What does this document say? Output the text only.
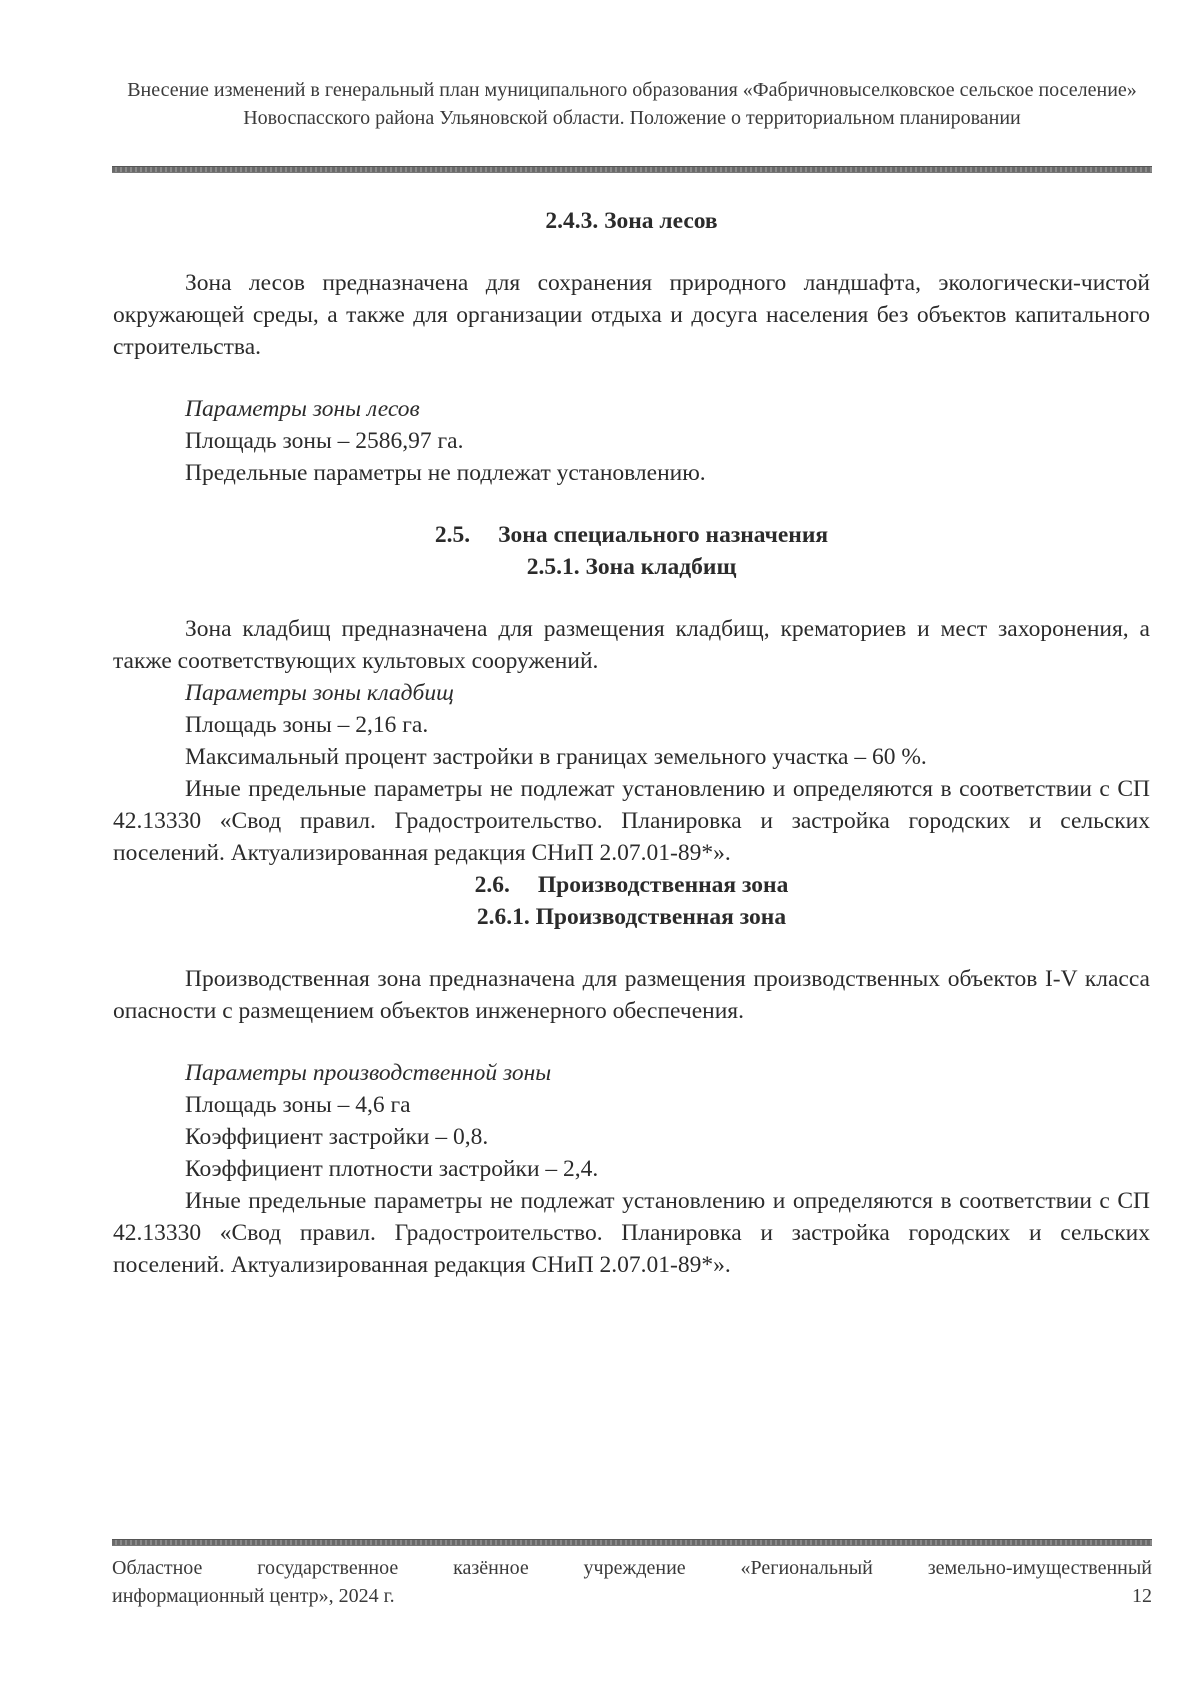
Внесение изменений в генеральный план муниципального образования «Фабричновыселковское сельское поселение» Новоспасского района Ульяновской области. Положение о территориальном планировании

2.4.3. Зона лесов

Зона лесов предназначена для сохранения природного ландшафта, экологически-чистой окружающей среды, а также для организации отдыха и досуга населения без объектов капитального строительства.

Параметры зоны лесов

Площадь зоны – 2586,97 га.

Предельные параметры не подлежат установлению.

2.5. Зона специального назначения

2.5.1. Зона кладбищ

Зона кладбищ предназначена для размещения кладбищ, крематориев и мест захоронения, а также соответствующих культовых сооружений.

Параметры зоны кладбищ

Площадь зоны – 2,16 га.

Максимальный процент застройки в границах земельного участка – 60 %.

Иные предельные параметры не подлежат установлению и определяются в соответствии с СП 42.13330 «Свод правил. Градостроительство. Планировка и застройка городских и сельских поселений. Актуализированная редакция СНиП 2.07.01-89*».

2.6. Производственная зона

2.6.1. Производственная зона

Производственная зона предназначена для размещения производственных объектов I-V класса опасности с размещением объектов инженерного обеспечения.

Параметры производственной зоны

Площадь зоны – 4,6 га

Коэффициент застройки – 0,8.

Коэффициент плотности застройки – 2,4.

Иные предельные параметры не подлежат установлению и определяются в соответствии с СП 42.13330 «Свод правил. Градостроительство. Планировка и застройка городских и сельских поселений. Актуализированная редакция СНиП 2.07.01-89*».

Областное государственное казённое учреждение «Региональный земельно-имущественный
информационный центр», 2024 г.	12
